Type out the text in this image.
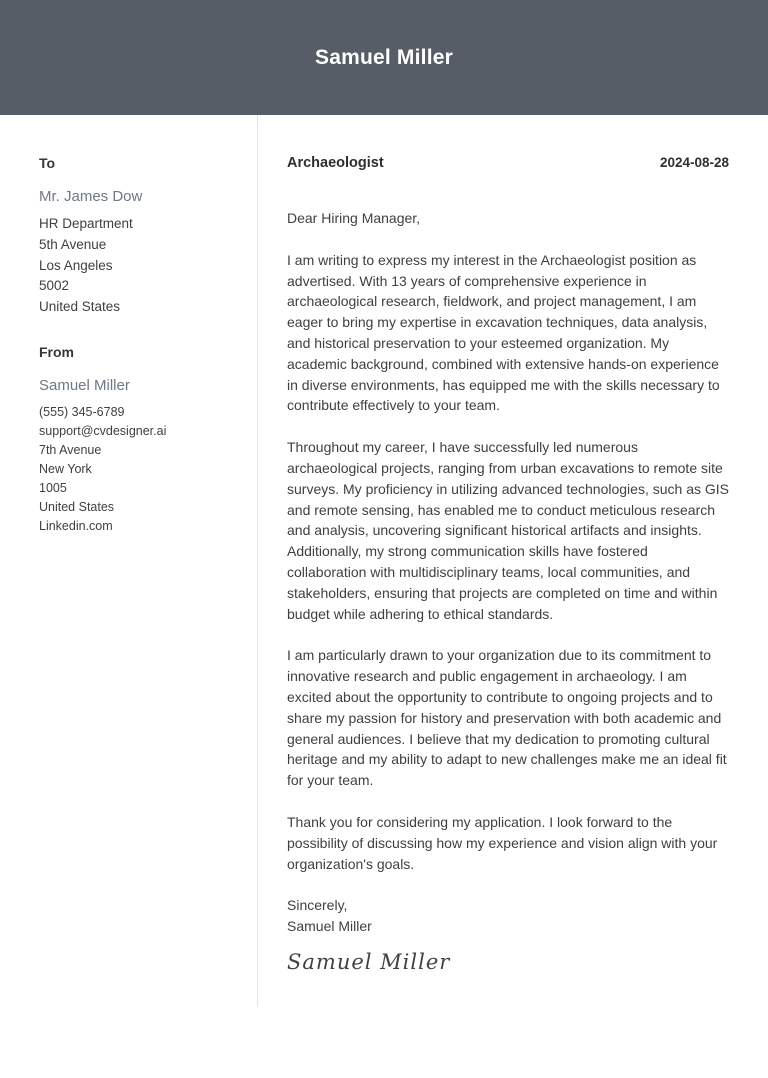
Samuel Miller
To

Mr. James Dow

HR Department

5th Avenue

Los Angeles

5002

United States

From

Samuel Miller

(555) 345-6789

support@cvdesigner.ai

7th Avenue

New York

1005

United States

Linkedin.com

Archaeologist	2024-08-28

Dear Hiring Manager,

I am writing to express my interest in the Archaeologist position as advertised. With 13 years of comprehensive experience in archaeological research, fieldwork, and project management, I am eager to bring my expertise in excavation techniques, data analysis, and historical preservation to your esteemed organization. My academic background, combined with extensive hands-on experience in diverse environments, has equipped me with the skills necessary to contribute effectively to your team.

Throughout my career, I have successfully led numerous archaeological projects, ranging from urban excavations to remote site surveys. My proficiency in utilizing advanced technologies, such as GIS and remote sensing, has enabled me to conduct meticulous research and analysis, uncovering significant historical artifacts and insights. Additionally, my strong communication skills have fostered collaboration with multidisciplinary teams, local communities, and stakeholders, ensuring that projects are completed on time and within budget while adhering to ethical standards.

I am particularly drawn to your organization due to its commitment to innovative research and public engagement in archaeology. I am excited about the opportunity to contribute to ongoing projects and to share my passion for history and preservation with both academic and general audiences. I believe that my dedication to promoting cultural heritage and my ability to adapt to new challenges make me an ideal fit for your team.

Thank you for considering my application. I look forward to the possibility of discussing how my experience and vision align with your organization's goals.

Sincerely,
Samuel Miller

Samuel Miller
